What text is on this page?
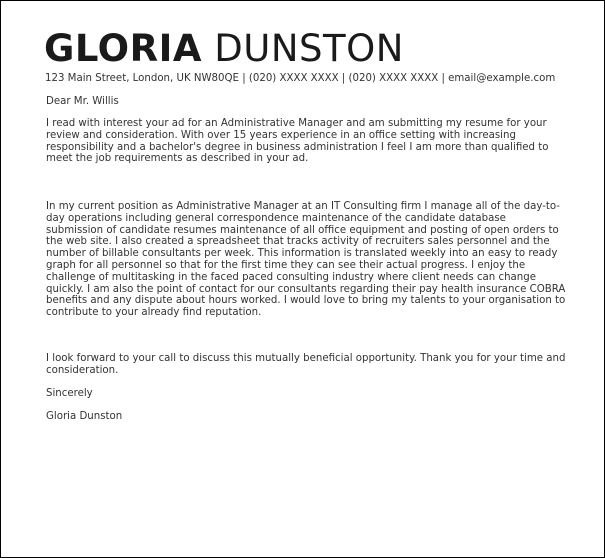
GLORIA DUNSTON
123 Main Street, London, UK NW80QE | (020) XXXX XXXX | (020) XXXX XXXX | email@example.com

Dear Mr. Willis

I read with interest your ad for an Administrative Manager and am submitting my resume for your review and consideration. With over 15 years experience in an office setting with increasing responsibility and a bachelor's degree in business administration I feel I am more than qualified to meet the job requirements as described in your ad.

In my current position as Administrative Manager at an IT Consulting firm I manage all of the day-to-day operations including general correspondence maintenance of the candidate database submission of candidate resumes maintenance of all office equipment and posting of open orders to the web site. I also created a spreadsheet that tracks activity of recruiters sales personnel and the number of billable consultants per week. This information is translated weekly into an easy to ready graph for all personnel so that for the first time they can see their actual progress. I enjoy the challenge of multitasking in the faced paced consulting industry where client needs can change quickly. I am also the point of contact for our consultants regarding their pay health insurance COBRA benefits and any dispute about hours worked. I would love to bring my talents to your organisation to contribute to your already find reputation.

I look forward to your call to discuss this mutually beneficial opportunity. Thank you for your time and consideration.

Sincerely

Gloria Dunston
